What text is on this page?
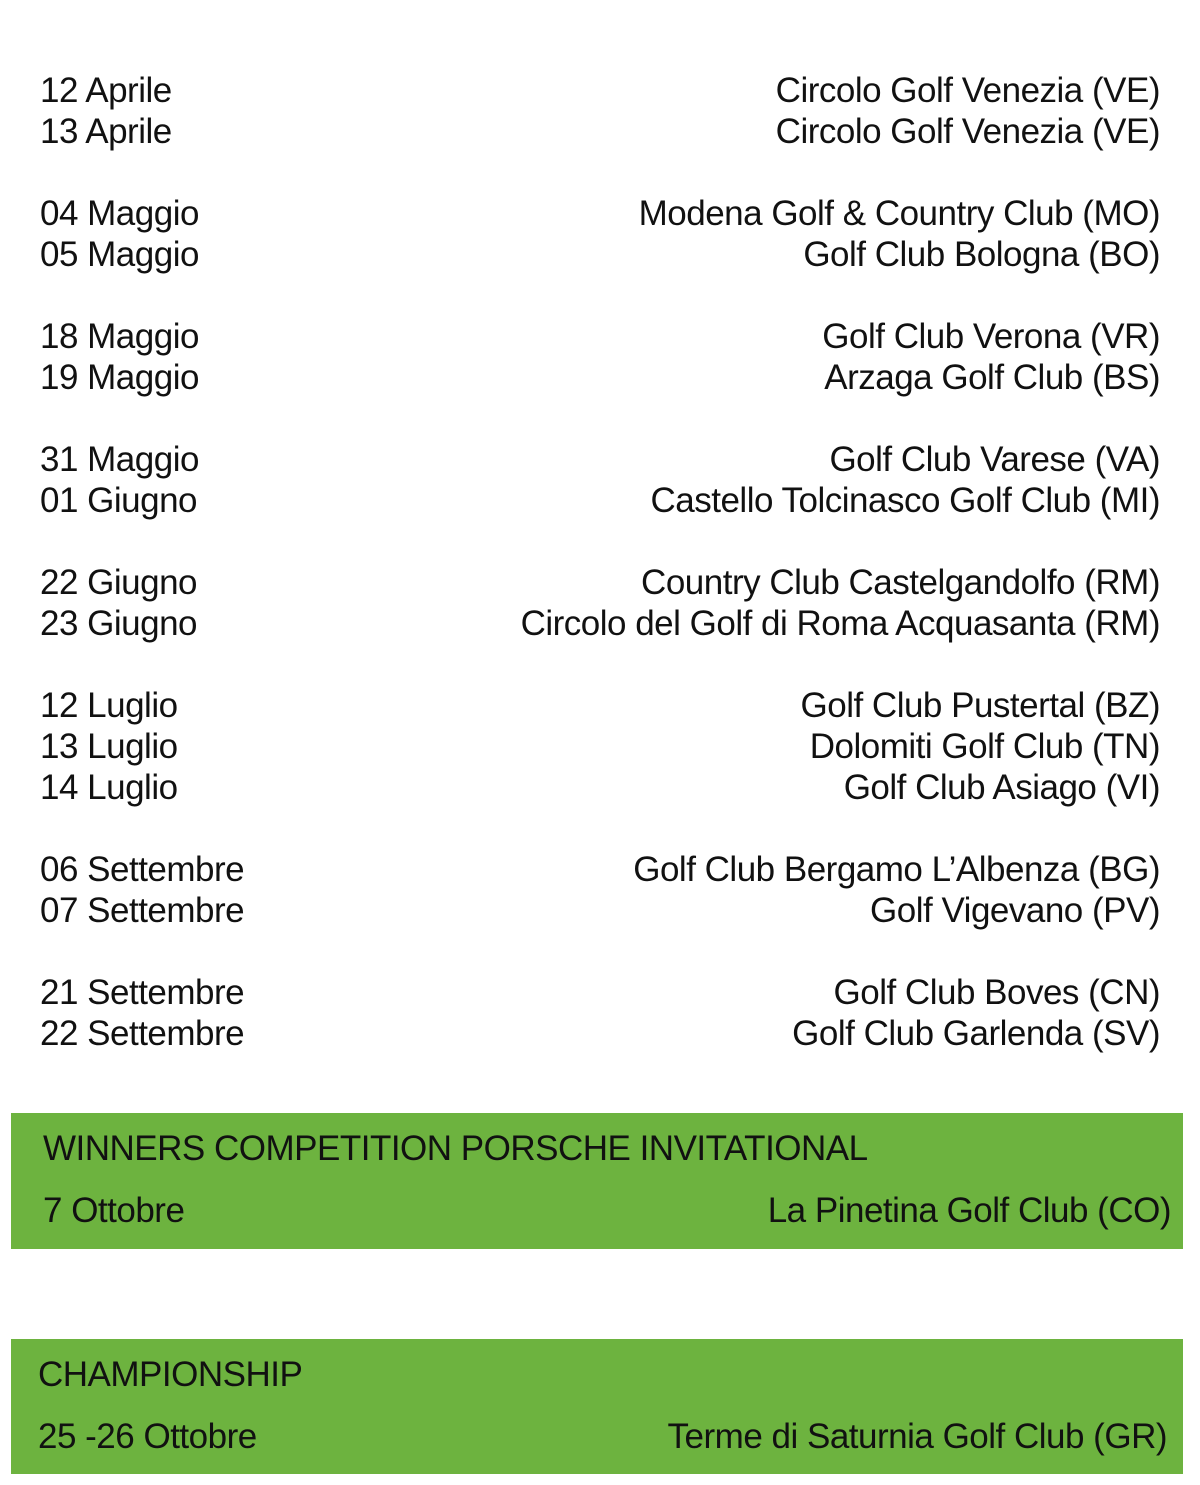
12 Aprile	Circolo Golf Venezia (VE)
13 Aprile	Circolo Golf Venezia (VE)
04 Maggio	Modena Golf & Country Club (MO)
05 Maggio	Golf Club Bologna (BO)
18 Maggio	Golf Club Verona (VR)
19 Maggio	Arzaga Golf Club (BS)
31 Maggio	Golf Club Varese (VA)
01 Giugno	Castello Tolcinasco Golf Club (MI)
22 Giugno	Country Club Castelgandolfo (RM)
23 Giugno	Circolo del Golf di Roma Acquasanta (RM)
12 Luglio	Golf Club Pustertal (BZ)
13 Luglio	Dolomiti Golf Club (TN)
14 Luglio	Golf Club Asiago (VI)
06 Settembre	Golf Club Bergamo L’Albenza (BG)
07 Settembre	Golf Vigevano (PV)
21 Settembre	Golf Club Boves (CN)
22 Settembre	Golf Club Garlenda (SV)
WINNERS COMPETITION PORSCHE INVITATIONAL
7 Ottobre	La Pinetina Golf Club (CO)
CHAMPIONSHIP
25 -26 Ottobre	Terme di Saturnia Golf Club (GR)
